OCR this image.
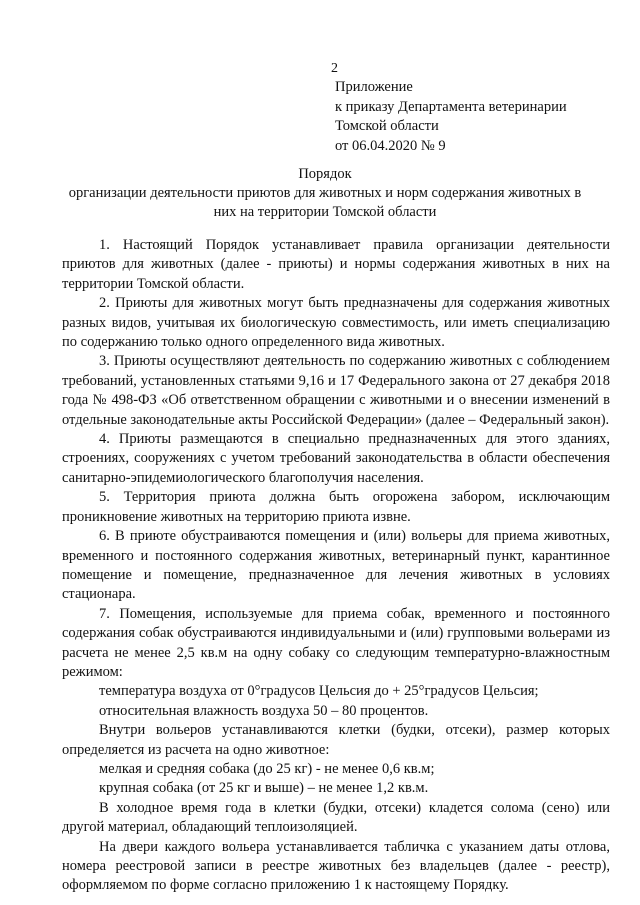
2
Приложение
к приказу Департамента ветеринарии
Томской области
от 06.04.2020 № 9
Порядок
организации деятельности приютов для животных и норм содержания животных в них на территории Томской области

1. Настоящий Порядок устанавливает правила организации деятельности приютов для животных (далее - приюты) и нормы содержания животных в них на территории Томской области.

2. Приюты для животных могут быть предназначены для содержания животных разных видов, учитывая их биологическую совместимость, или иметь специализацию по содержанию только одного определенного вида животных.

3. Приюты осуществляют деятельность по содержанию животных с соблюдением требований, установленных статьями 9,16 и 17 Федерального закона от 27 декабря 2018 года № 498-ФЗ «Об ответственном обращении с животными и о внесении изменений в отдельные законодательные акты Российской Федерации» (далее – Федеральный закон).

4. Приюты размещаются в специально предназначенных для этого зданиях, строениях, сооружениях с учетом требований законодательства в области обеспечения санитарно-эпидемиологического благополучия населения.

5. Территория приюта должна быть огорожена забором, исключающим проникновение животных на территорию приюта извне.

6. В приюте обустраиваются помещения и (или) вольеры для приема животных, временного и постоянного содержания животных, ветеринарный пункт, карантинное помещение и помещение, предназначенное для лечения животных в условиях стационара.

7. Помещения, используемые для приема собак, временного и постоянного содержания собак обустраиваются индивидуальными и (или) групповыми вольерами из расчета не менее 2,5 кв.м на одну собаку со следующим температурно-влажностным режимом:

температура воздуха от 0°градусов Цельсия до + 25°градусов Цельсия;

относительная влажность воздуха 50 – 80 процентов.

Внутри вольеров устанавливаются клетки (будки, отсеки), размер которых определяется из расчета на одно животное:

мелкая и средняя собака (до 25 кг) - не менее 0,6 кв.м;

крупная собака (от 25 кг и выше) – не менее 1,2 кв.м.

В холодное время года в клетки (будки, отсеки) кладется солома (сено) или другой материал, обладающий теплоизоляцией.

На двери каждого вольера устанавливается табличка с указанием даты отлова, номера реестровой записи в реестре животных без владельцев (далее - реестр), оформляемом по форме согласно приложению 1 к настоящему Порядку.
